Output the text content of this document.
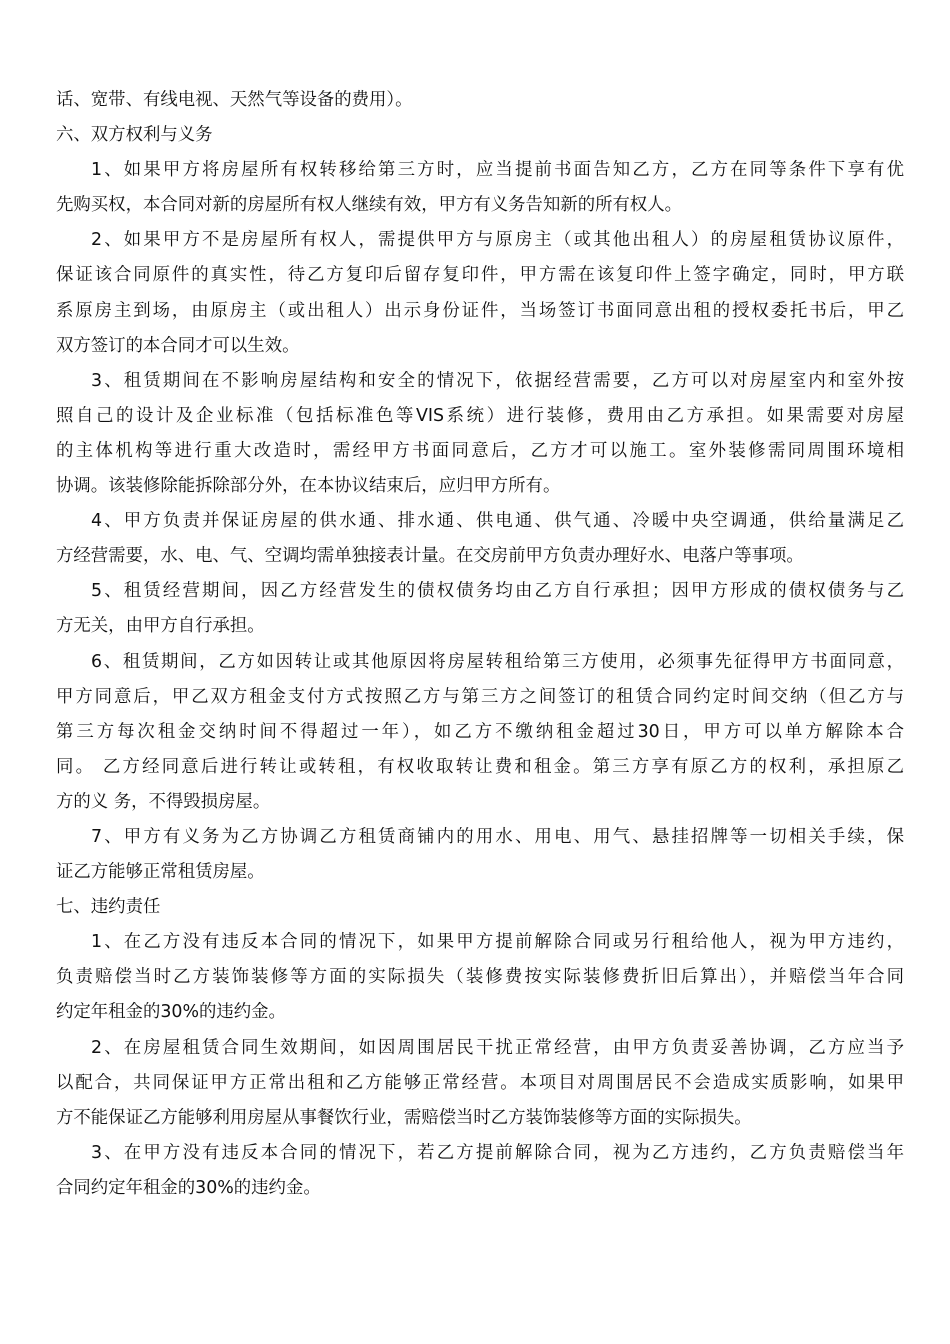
话、宽带、有线电视、天然气等设备的费用）。
六、双方权利与义务
1、如果甲方将房屋所有权转移给第三方时，应当提前书面告知乙方，乙方在同等条件下享有优
先购买权，本合同对新的房屋所有权人继续有效，甲方有义务告知新的所有权人。
2、如果甲方不是房屋所有权人，需提供甲方与原房主（或其他出租人）的房屋租赁协议原件，
保证该合同原件的真实性，待乙方复印后留存复印件，甲方需在该复印件上签字确定，同时，甲方联
系原房主到场，由原房主（或出租人）出示身份证件，当场签订书面同意出租的授权委托书后，甲乙
双方签订的本合同才可以生效。
3、租赁期间在不影响房屋结构和安全的情况下，依据经营需要，乙方可以对房屋室内和室外按
照自己的设计及企业标准（包括标准色等VIS系统）进行装修，费用由乙方承担。如果需要对房屋
的主体机构等进行重大改造时，需经甲方书面同意后，乙方才可以施工。室外装修需同周围环境相
协调。该装修除能拆除部分外，在本协议结束后，应归甲方所有。
4、甲方负责并保证房屋的供水通、排水通、供电通、供气通、冷暖中央空调通，供给量满足乙
方经营需要，水、电、气、空调均需单独接表计量。在交房前甲方负责办理好水、电落户等事项。
5、租赁经营期间，因乙方经营发生的债权债务均由乙方自行承担；因甲方形成的债权债务与乙
方无关，由甲方自行承担。
6、租赁期间，乙方如因转让或其他原因将房屋转租给第三方使用，必须事先征得甲方书面同意，
甲方同意后，甲乙双方租金支付方式按照乙方与第三方之间签订的租赁合同约定时间交纳（但乙方与
第三方每次租金交纳时间不得超过一年），如乙方不缴纳租金超过30日，甲方可以单方解除本合
同。 乙方经同意后进行转让或转租，有权收取转让费和租金。第三方享有原乙方的权利，承担原乙
方的义 务，不得毁损房屋。
7、甲方有义务为乙方协调乙方租赁商铺内的用水、用电、用气、悬挂招牌等一切相关手续，保
证乙方能够正常租赁房屋。
七、违约责任
1、在乙方没有违反本合同的情况下，如果甲方提前解除合同或另行租给他人，视为甲方违约，
负责赔偿当时乙方装饰装修等方面的实际损失（装修费按实际装修费折旧后算出），并赔偿当年合同
约定年租金的30%的违约金。
2、在房屋租赁合同生效期间，如因周围居民干扰正常经营，由甲方负责妥善协调，乙方应当予
以配合，共同保证甲方正常出租和乙方能够正常经营。本项目对周围居民不会造成实质影响，如果甲
方不能保证乙方能够利用房屋从事餐饮行业，需赔偿当时乙方装饰装修等方面的实际损失。
3、在甲方没有违反本合同的情况下，若乙方提前解除合同，视为乙方违约，乙方负责赔偿当年
合同约定年租金的30%的违约金。
